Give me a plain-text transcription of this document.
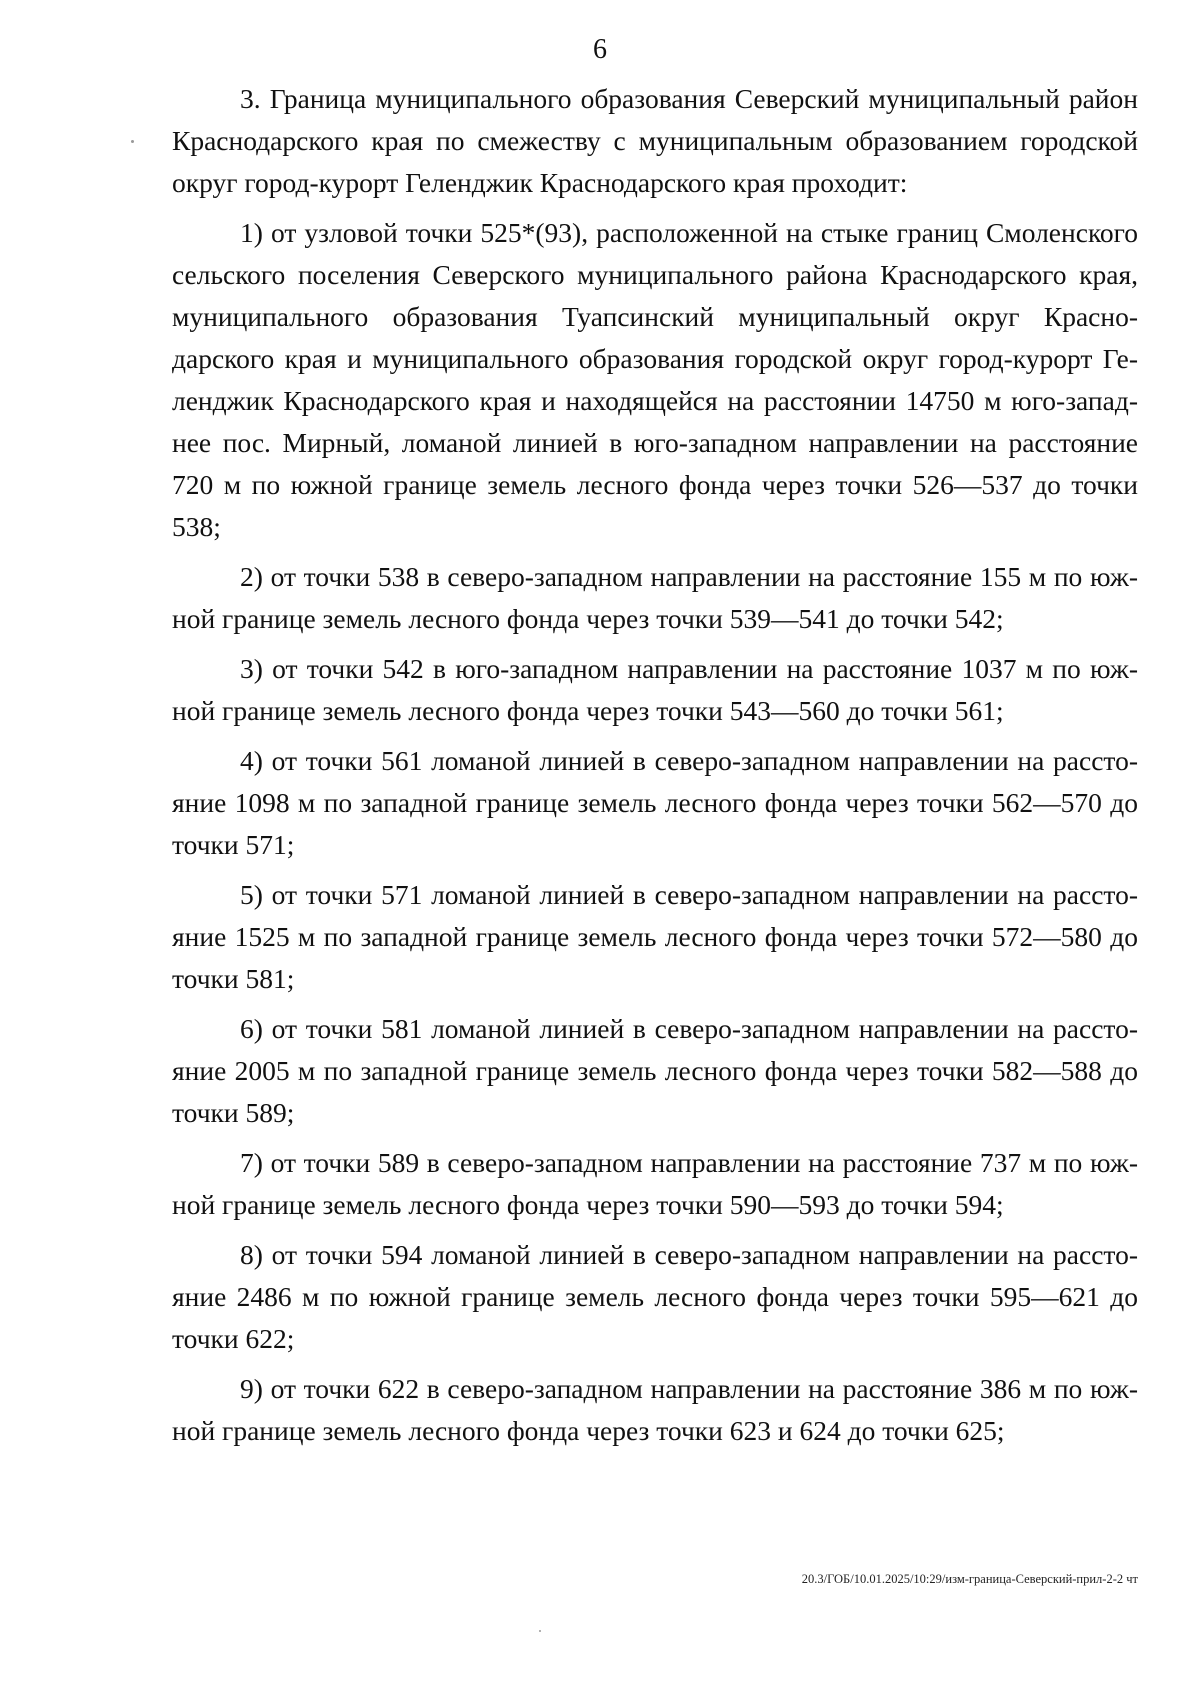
6

3. Граница муниципального образования Северский муниципальный район Краснодарского края по смежеству с муниципальным образованием городской округ город-курорт Геленджик Краснодарского края проходит:

1) от узловой точки 525*(93), расположенной на стыке границ Смоленского сельского поселения Северского муниципального района Краснодарского края, муниципального образования Туапсинский муниципальный округ Краснодарского края и муниципального образования городской округ город-курорт Геленджик Краснодарского края и находящейся на расстоянии 14750 м юго-западнее пос. Мирный, ломаной линией в юго-западном направлении на расстояние 720 м по южной границе земель лесного фонда через точки 526—537 до точки 538;

2) от точки 538 в северо-западном направлении на расстояние 155 м по южной границе земель лесного фонда через точки 539—541 до точки 542;

3) от точки 542 в юго-западном направлении на расстояние 1037 м по южной границе земель лесного фонда через точки 543—560 до точки 561;

4) от точки 561 ломаной линией в северо-западном направлении на расстояние 1098 м по западной границе земель лесного фонда через точки 562—570 до точки 571;

5) от точки 571 ломаной линией в северо-западном направлении на расстояние 1525 м по западной границе земель лесного фонда через точки 572—580 до точки 581;

6) от точки 581 ломаной линией в северо-западном направлении на расстояние 2005 м по западной границе земель лесного фонда через точки 582—588 до точки 589;

7) от точки 589 в северо-западном направлении на расстояние 737 м по южной границе земель лесного фонда через точки 590—593 до точки 594;

8) от точки 594 ломаной линией в северо-западном направлении на расстояние 2486 м по южной границе земель лесного фонда через точки 595—621 до точки 622;

9) от точки 622 в северо-западном направлении на расстояние 386 м по южной границе земель лесного фонда через точки 623 и 624 до точки 625;

20.3/ГОБ/10.01.2025/10:29/изм-граница-Северский-прил-2-2 чт
